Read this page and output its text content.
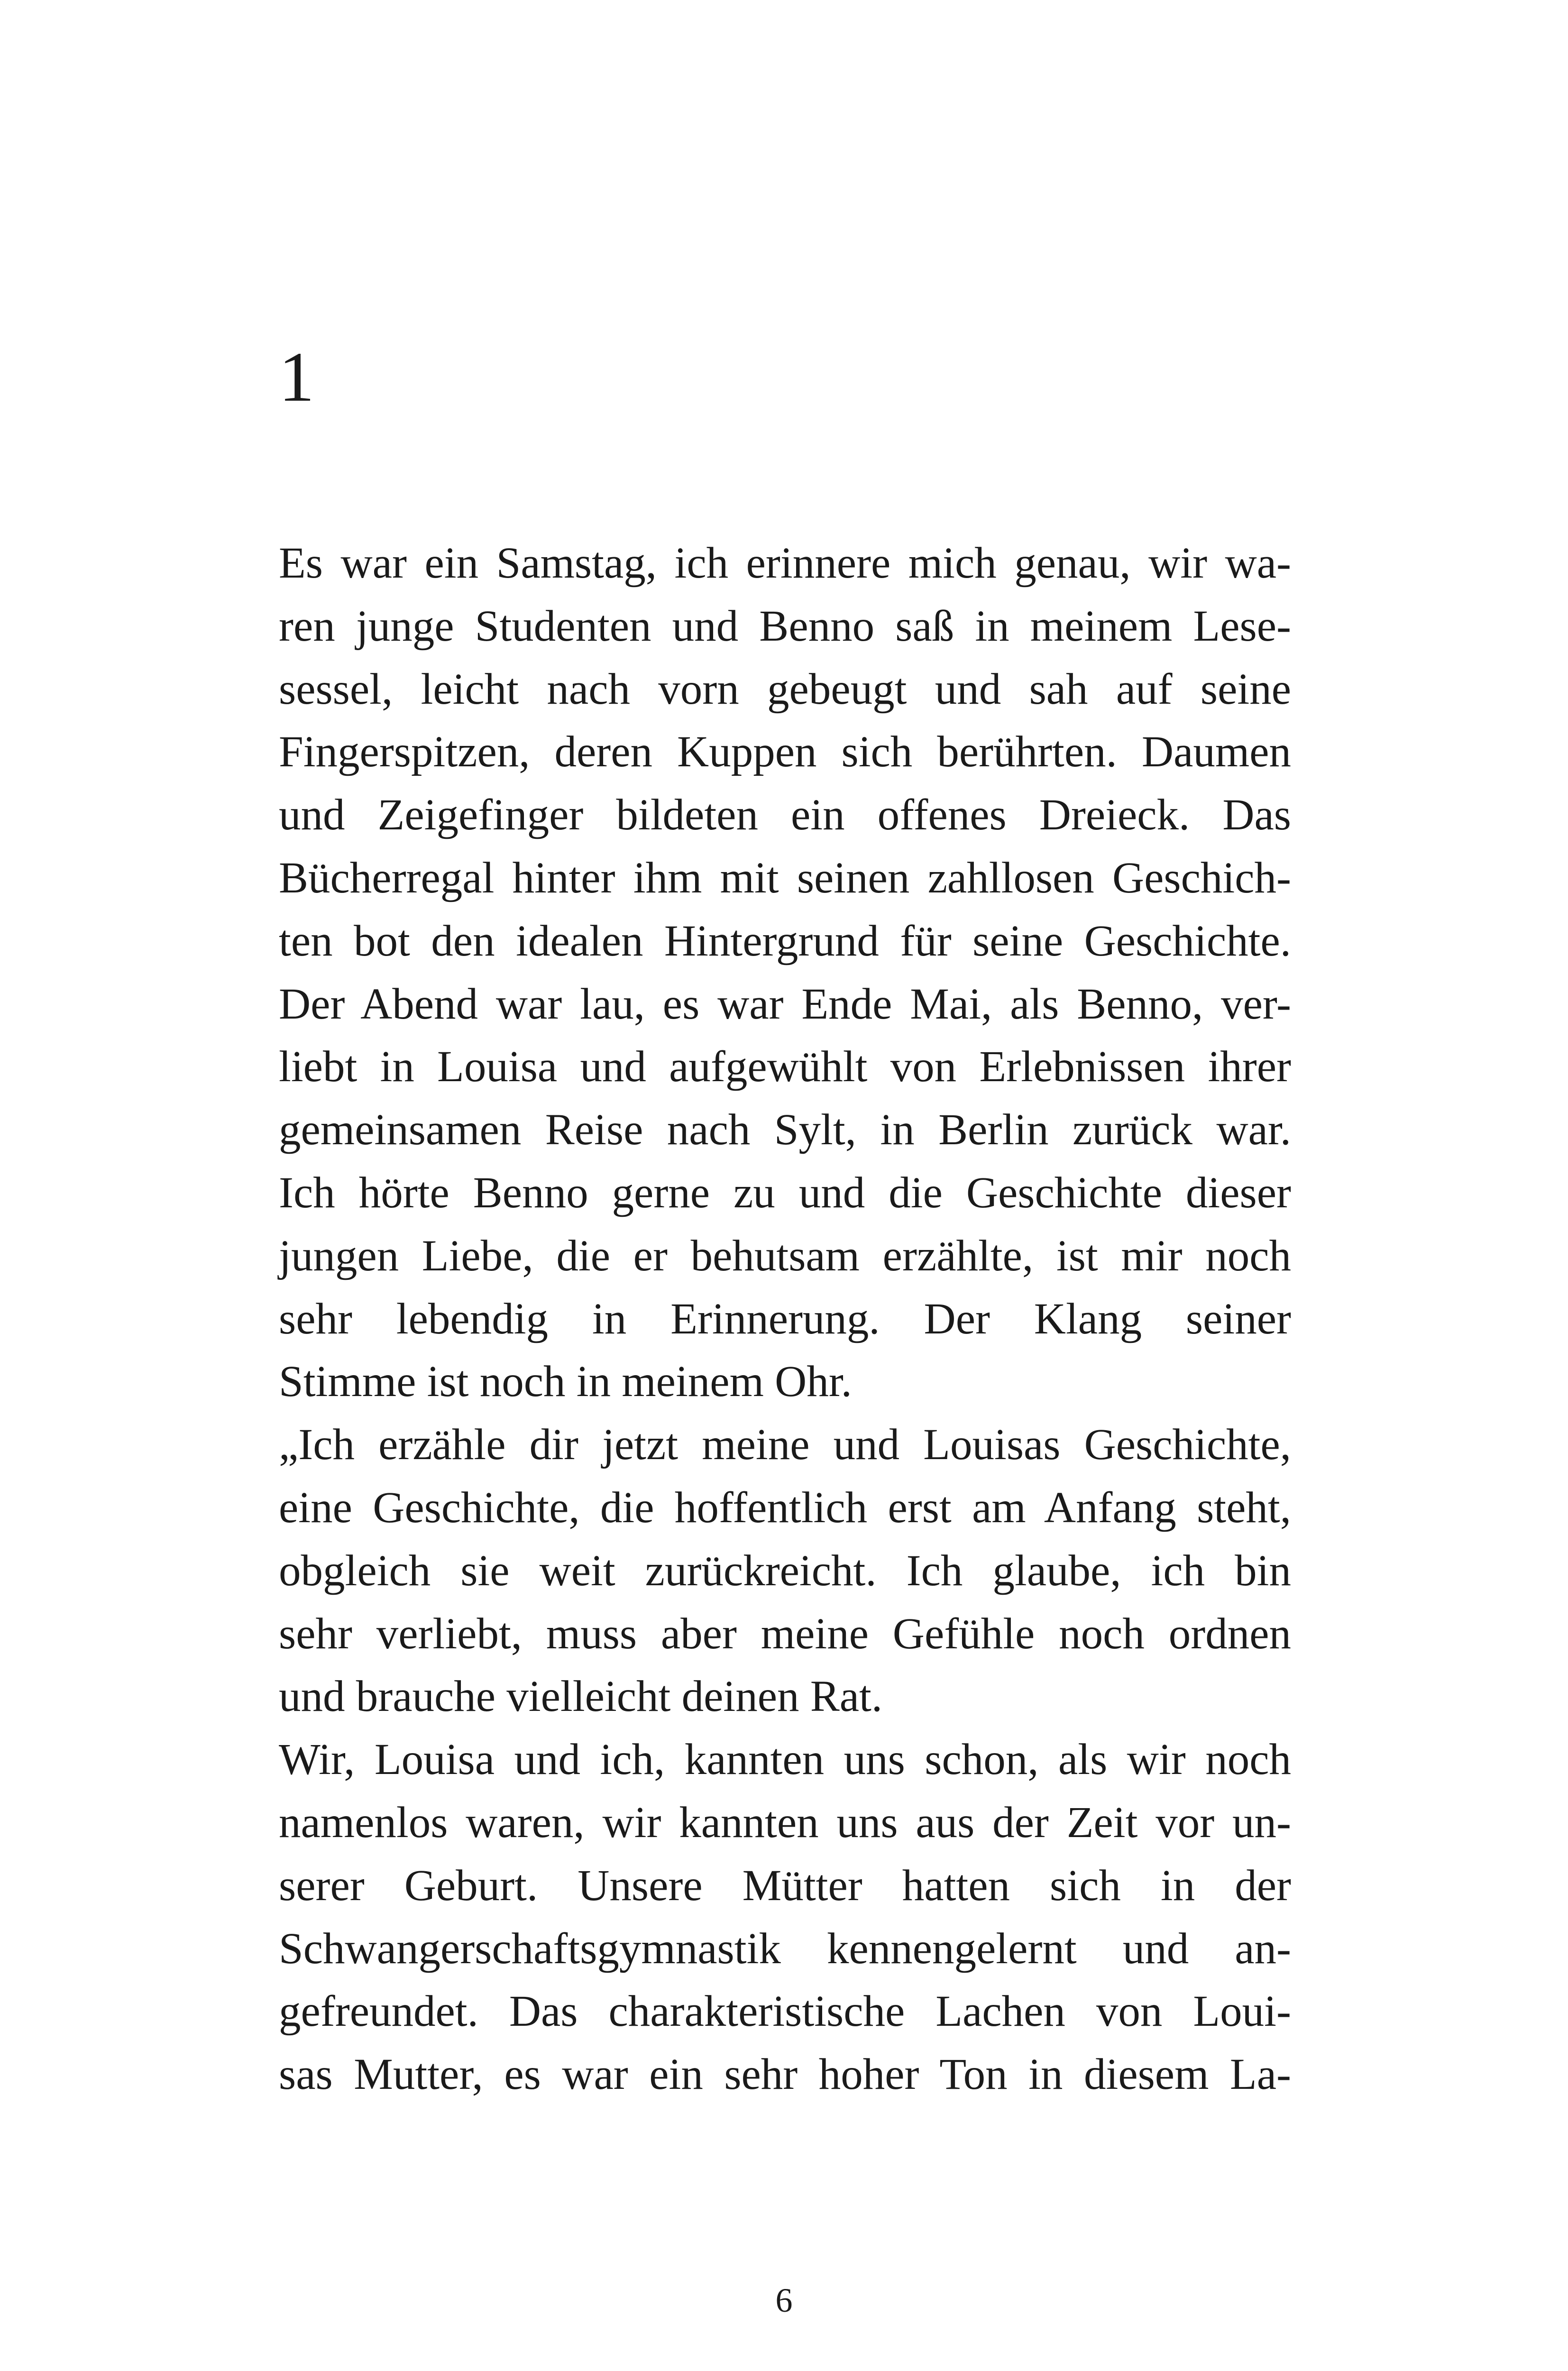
1
Es war ein Samstag, ich erinnere mich genau, wir wa-
ren junge Studenten und Benno saß in meinem Lese-
sessel, leicht nach vorn gebeugt und sah auf seine
Fingerspitzen, deren Kuppen sich berührten. Daumen
und Zeigefinger bildeten ein offenes Dreieck. Das
Bücherregal hinter ihm mit seinen zahllosen Geschich-
ten bot den idealen Hintergrund für seine Geschichte.
Der Abend war lau, es war Ende Mai, als Benno, ver-
liebt in Louisa und aufgewühlt von Erlebnissen ihrer
gemeinsamen Reise nach Sylt, in Berlin zurück war.
Ich hörte Benno gerne zu und die Geschichte dieser
jungen Liebe, die er behutsam erzählte, ist mir noch
sehr lebendig in Erinnerung. Der Klang seiner
Stimme ist noch in meinem Ohr.
„Ich erzähle dir jetzt meine und Louisas Geschichte,
eine Geschichte, die hoffentlich erst am Anfang steht,
obgleich sie weit zurückreicht. Ich glaube, ich bin
sehr verliebt, muss aber meine Gefühle noch ordnen
und brauche vielleicht deinen Rat.
Wir, Louisa und ich, kannten uns schon, als wir noch
namenlos waren, wir kannten uns aus der Zeit vor un-
serer Geburt. Unsere Mütter hatten sich in der
Schwangerschaftsgymnastik kennengelernt und an-
gefreundet. Das charakteristische Lachen von Loui-
sas Mutter, es war ein sehr hoher Ton in diesem La-
6
